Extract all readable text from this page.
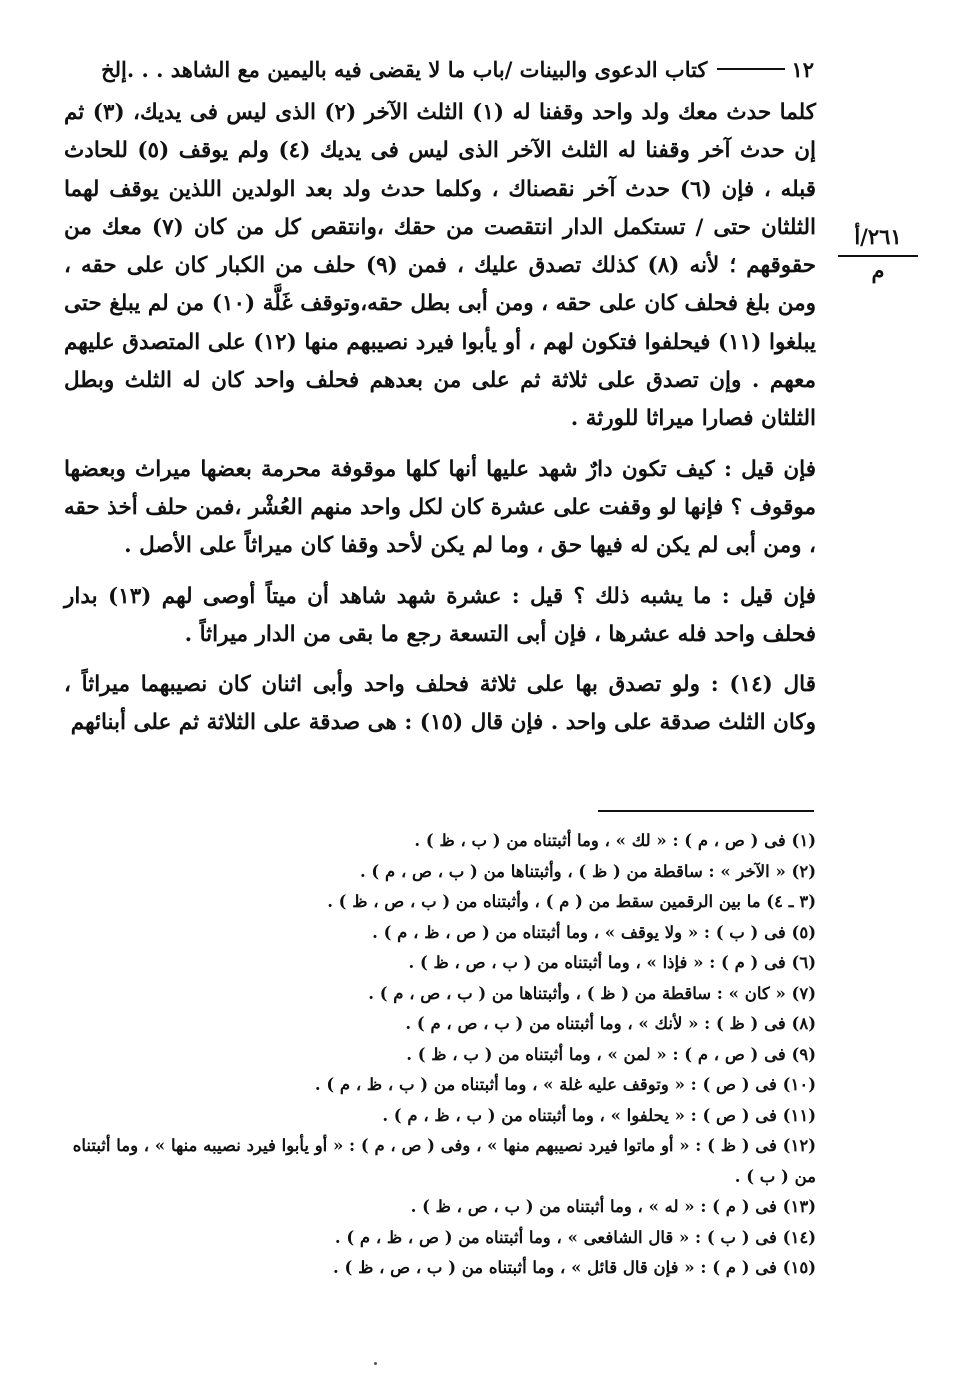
١٢
كتاب الدعوى والبينات /باب ما لا يقضى فيه باليمين مع الشاهد . . .إلخ
٢٦١/أ
م

كلما حدث معك ولد واحد وقفنا له (١) الثلث الآخر (٢) الذى ليس فى يديك، (٣) ثم إن حدث آخر وقفنا له الثلث الآخر الذى ليس فى يديك (٤) ولم يوقف (٥) للحادث قبله ، فإن (٦) حدث آخر نقصناك ، وكلما حدث ولد بعد الولدين اللذين يوقف لهما الثلثان حتى / تستكمل الدار انتقصت من حقك ،وانتقص كل من كان (٧) معك من حقوقهم ؛ لأنه (٨) كذلك تصدق عليك ، فمن (٩) حلف من الكبار كان على حقه ، ومن بلغ فحلف كان على حقه ، ومن أبى بطل حقه،وتوقف غَلَّة (١٠) من لم يبلغ حتى يبلغوا (١١) فيحلفوا فتكون لهم ، أو يأبوا فيرد نصيبهم منها (١٢) على المتصدق عليهم معهم . وإن تصدق على ثلاثة ثم على من بعدهم فحلف واحد كان له الثلث وبطل الثلثان فصارا ميراثا للورثة .

فإن قيل : كيف تكون دارٌ شهد عليها أنها كلها موقوفة محرمة بعضها ميراث وبعضها موقوف ؟ فإنها لو وقفت على عشرة كان لكل واحد منهم العُشْر ،فمن حلف أخذ حقه ، ومن أبى لم يكن له فيها حق ، وما لم يكن لأحد وقفا كان ميراثاً على الأصل .

فإن قيل : ما يشبه ذلك ؟ قيل : عشرة شهد شاهد أن ميتاً أوصى لهم (١٣) بدار فحلف واحد فله عشرها ، فإن أبى التسعة رجع ما بقى من الدار ميراثاً .

قال (١٤) : ولو تصدق بها على ثلاثة فحلف واحد وأبى اثنان كان نصيبهما ميراثاً ، وكان الثلث صدقة على واحد . فإن قال (١٥) : هى صدقة على الثلاثة ثم على أبنائهم

(١) فى ( ص ، م ) : « لك » ، وما أثبتناه من ( ب ، ظ ) .

(٢) « الآخر » : ساقطة من ( ظ ) ، وأثبتناها من ( ب ، ص ، م ) .

(٣ ـ ٤) ما بين الرقمين سقط من ( م ) ، وأثبتناه من ( ب ، ص ، ظ ) .

(٥) فى ( ب ) : « ولا يوقف » ، وما أثبتناه من ( ص ، ظ ، م ) .

(٦) فى ( م ) : « فإذا » ، وما أثبتناه من ( ب ، ص ، ظ ) .

(٧) « كان » : ساقطة من ( ظ ) ، وأثبتناها من ( ب ، ص ، م ) .

(٨) فى ( ظ ) : « لأنك » ، وما أثبتناه من ( ب ، ص ، م ) .

(٩) فى ( ص ، م ) : « لمن » ، وما أثبتناه من ( ب ، ظ ) .

(١٠) فى ( ص ) : « وتوقف عليه غلة » ، وما أثبتناه من ( ب ، ظ ، م ) .

(١١) فى ( ص ) : « يحلفوا » ، وما أثبتناه من ( ب ، ظ ، م ) .

(١٢) فى ( ظ ) : « أو ماتوا فيرد نصيبهم منها » ، وفى ( ص ، م ) : « أو يأبوا فيرد نصيبه منها » ، وما أثبتناه من ( ب ) .

(١٣) فى ( م ) : « له » ، وما أثبتناه من ( ب ، ص ، ظ ) .

(١٤) فى ( ب ) : « قال الشافعى » ، وما أثبتناه من ( ص ، ظ ، م ) .

(١٥) فى ( م ) : « فإن قال قائل » ، وما أثبتناه من ( ب ، ص ، ظ ) .
